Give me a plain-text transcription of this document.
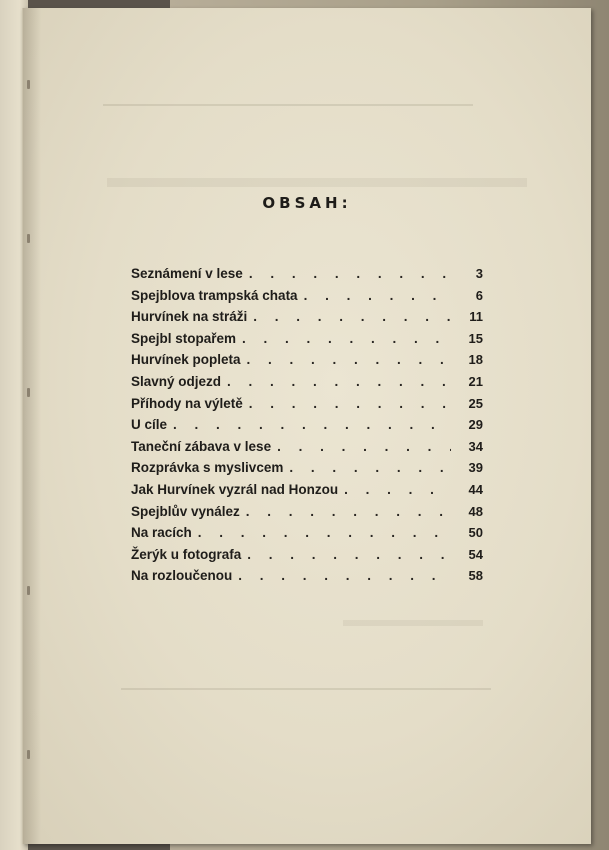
OBSAH:
Seznámení v lese . . .	3
Spejblova trampská chata . . .	6
Hurvínek na stráži . . .	11
Spejbl stopařem . . .	15
Hurvínek popleta . . .	18
Slavný odjezd . . .	21
Příhody na výletě . . .	25
U cíle . . .	29
Taneční zábava v lese . . .	34
Rozprávka s myslivcem . . .	39
Jak Hurvínek vyzrál nad Honzou . . .	44
Spejblův vynález . . .	48
Na racích . . .	50
Žerýk u fotografa . . .	54
Na rozloučenou . . .	58
